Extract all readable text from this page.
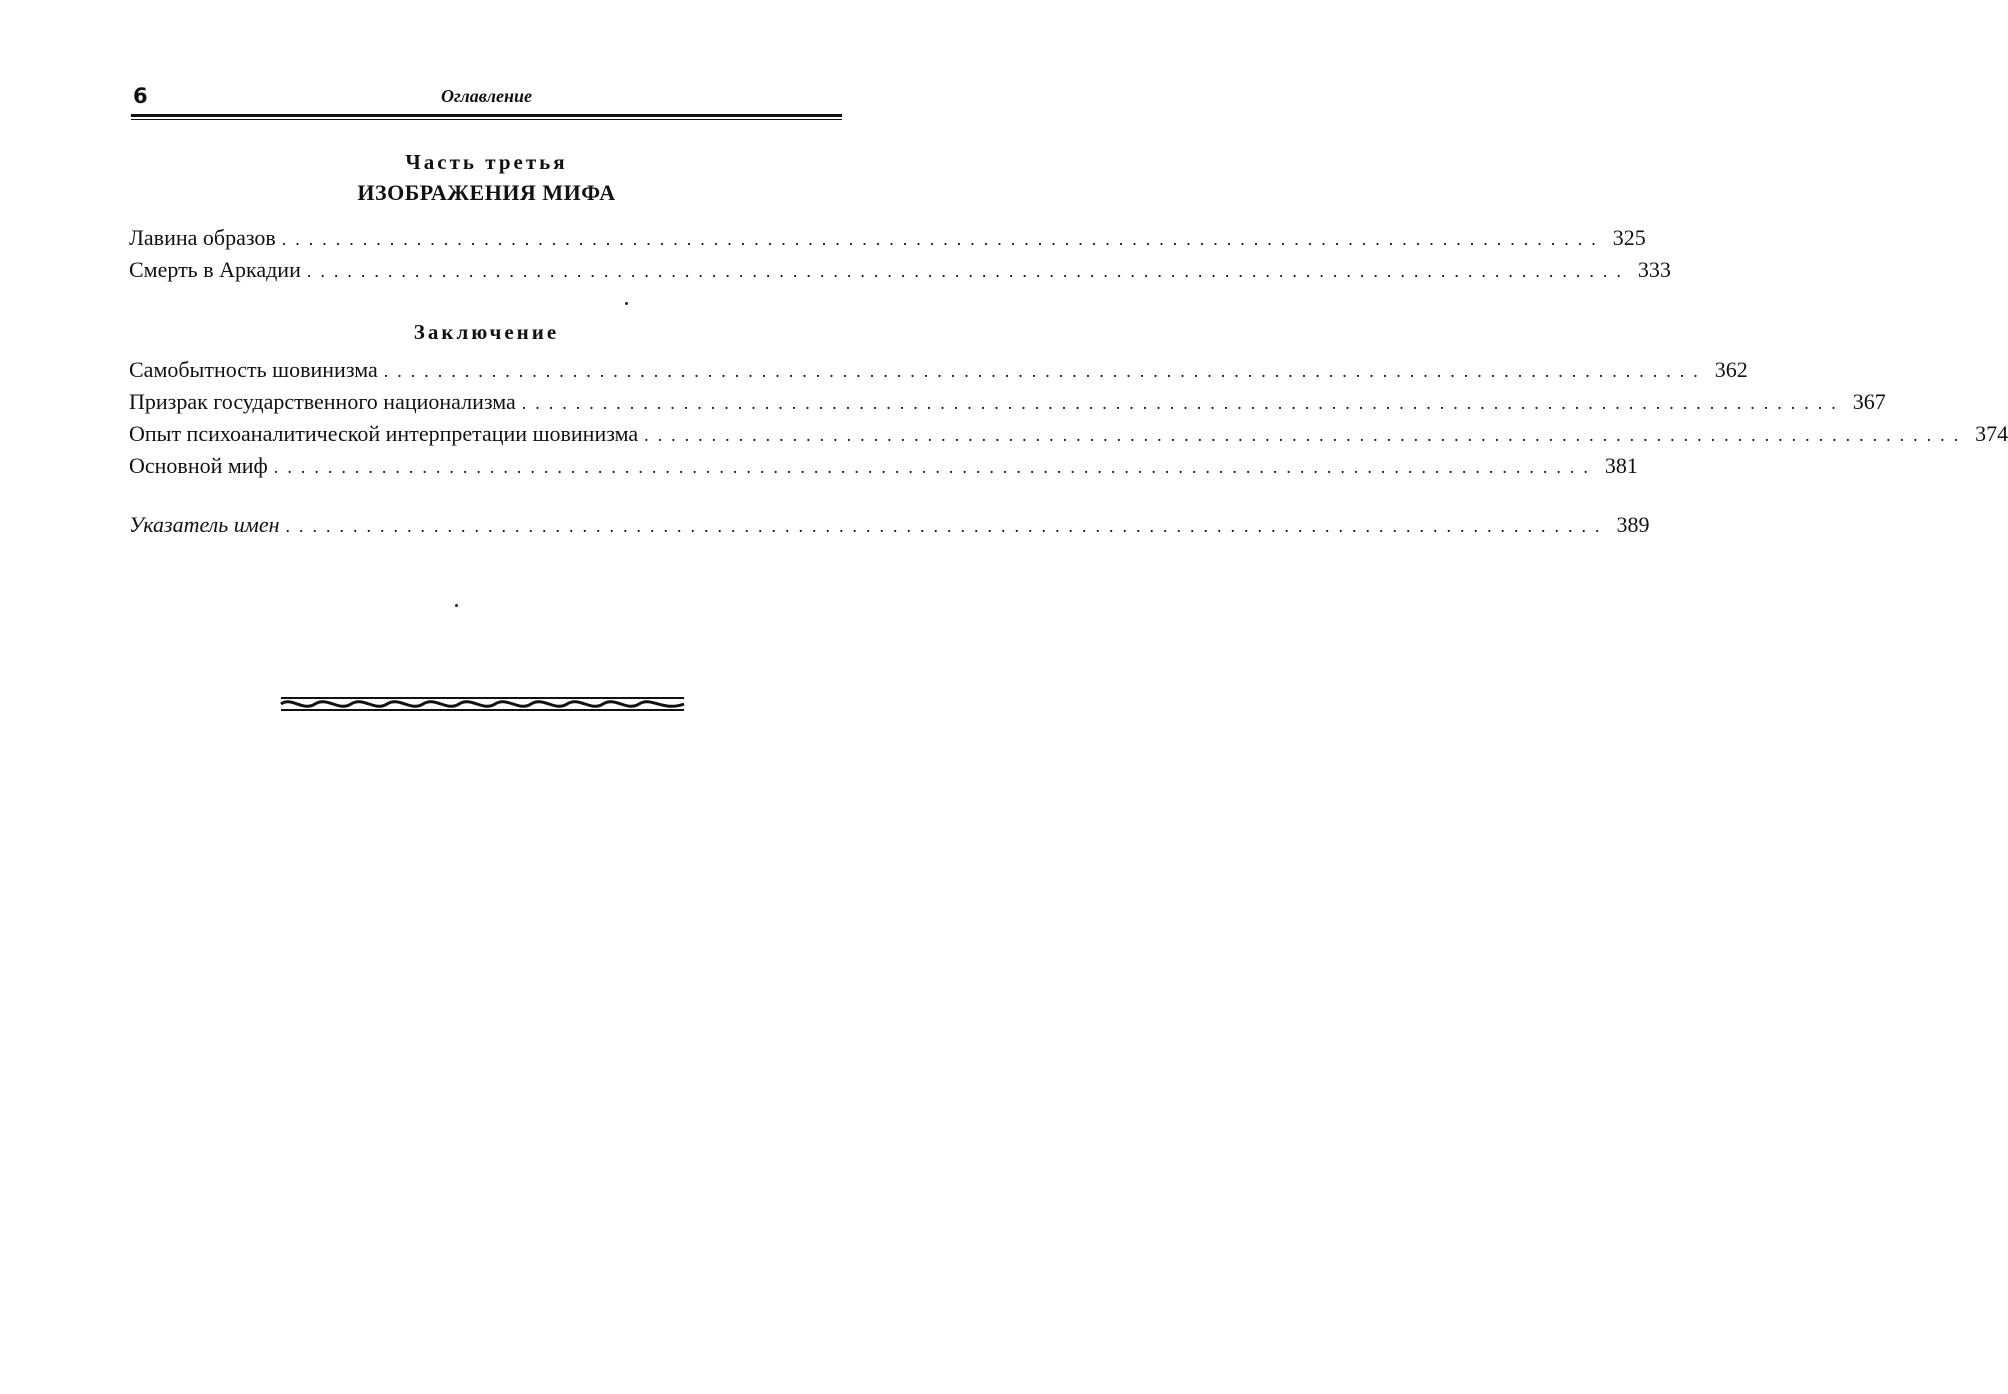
6	Оглавление
Часть третья
ИЗОБРАЖЕНИЯ МИФА
Лавина образов .................................................................................................. 325
Смерть в Аркадии .................................................................................................. 333
Заключение
Самобытность шовинизма .................................................................................................. 362
Призрак государственного национализма .................................................................................................. 367
Опыт психоаналитической интерпретации шовинизма .................................................................................................. 374
Основной миф .................................................................................................. 381
Указатель имен .................................................................................................. 389
